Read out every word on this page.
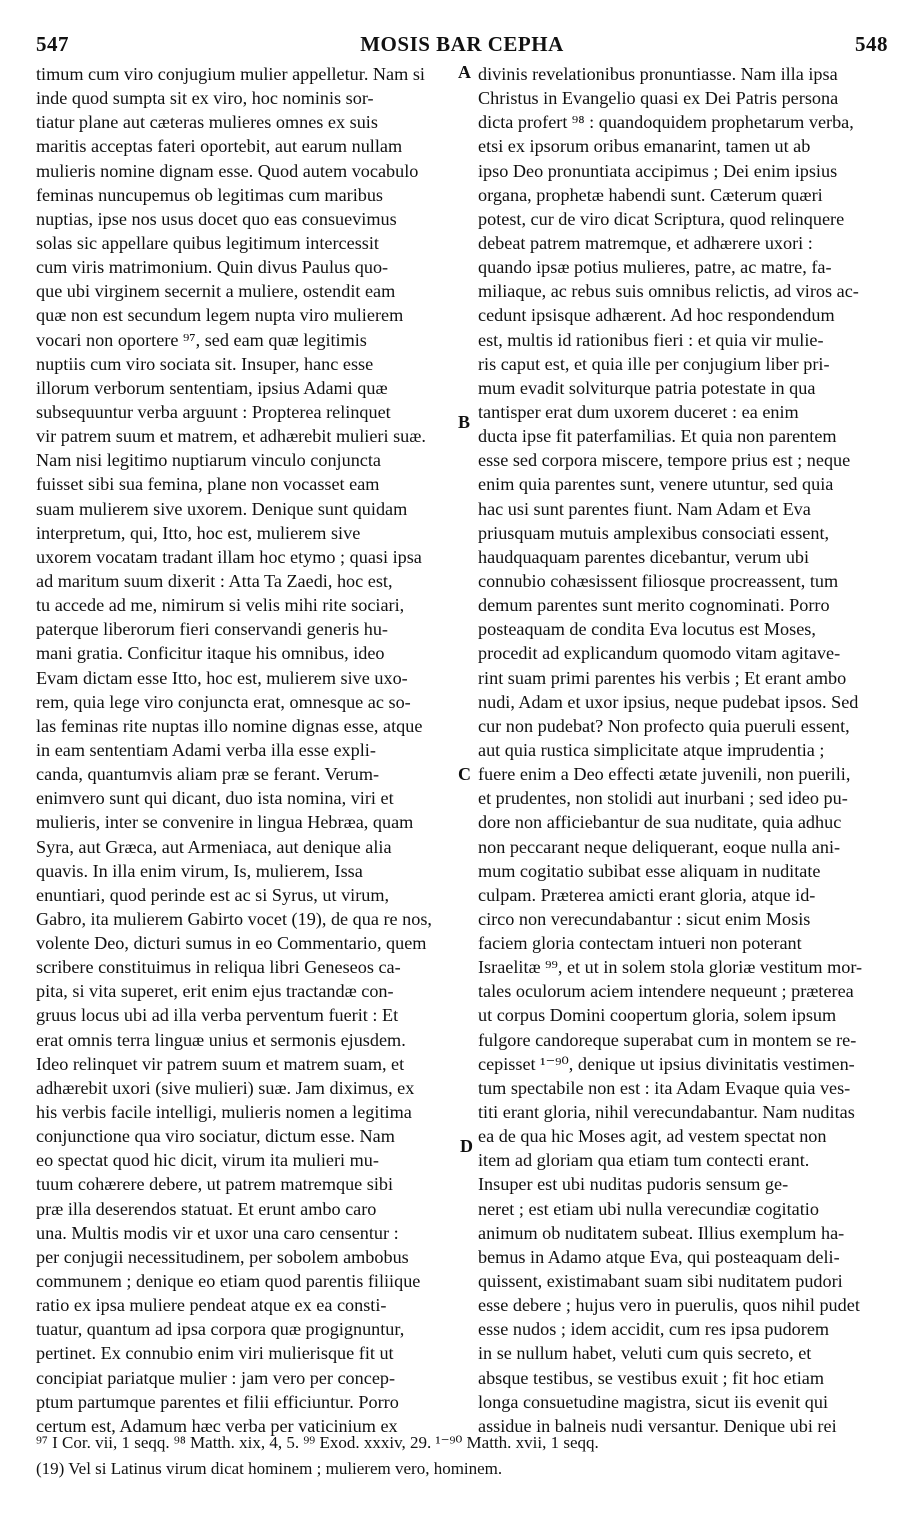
547	MOSIS BAR CEPHA	548
timum cum viro conjugium mulier appelletur. Nam si
inde quod sumpta sit ex viro, hoc nominis sor-
tiatur plane aut cæteras mulieres omnes ex suis
maritis acceptas fateri oportebit, aut earum nullam
mulieris nomine dignam esse. Quod autem vocabulo
feminas nuncupemus ob legitimas cum maribus
nuptias, ipse nos usus docet quo eas consuevimus
solas sic appellare quibus legitimum intercessit
cum viris matrimonium. Quin divus Paulus quo-
que ubi virginem secernit a muliere, ostendit eam
quæ non est secundum legem nupta viro mulierem
vocari non oportere ⁹⁷, sed eam quæ legitimis
nuptiis cum viro sociata sit. Insuper, hanc esse
illorum verborum sententiam, ipsius Adami quæ
subsequuntur verba arguunt : Propterea relinquet
vir patrem suum et matrem, et adhærebit mulieri suæ.
Nam nisi legitimo nuptiarum vinculo conjuncta
fuisset sibi sua femina, plane non vocasset eam
suam mulierem sive uxorem. Denique sunt quidam
interpretum, qui, Itto, hoc est, mulierem sive
uxorem vocatam tradant illam hoc etymo ; quasi ipsa
ad maritum suum dixerit : Atta Ta Zaedi, hoc est,
tu accede ad me, nimirum si velis mihi rite sociari,
paterque liberorum fieri conservandi generis hu-
mani gratia. Conficitur itaque his omnibus, ideo
Evam dictam esse Itto, hoc est, mulierem sive uxo-
rem, quia lege viro conjuncta erat, omnesque ac so-
las feminas rite nuptas illo nomine dignas esse, atque
in eam sententiam Adami verba illa esse expli-
canda, quantumvis aliam præ se ferant. Verum-
enimvero sunt qui dicant, duo ista nomina, viri et
mulieris, inter se convenire in lingua Hebræa, quam
Syra, aut Græca, aut Armeniaca, aut denique alia
quavis. In illa enim virum, Is, mulierem, Issa
enuntiari, quod perinde est ac si Syrus, ut virum,
Gabro, ita mulierem Gabirto vocet (19), de qua re nos,
volente Deo, dicturi sumus in eo Commentario, quem
scribere constituimus in reliqua libri Geneseos ca-
pita, si vita superet, erit enim ejus tractandæ con-
gruus locus ubi ad illa verba perventum fuerit : Et
erat omnis terra linguæ unius et sermonis ejusdem.
Ideo relinquet vir patrem suum et matrem suam, et
adhærebit uxori (sive mulieri) suæ. Jam diximus, ex
his verbis facile intelligi, mulieris nomen a legitima
conjunctione qua viro sociatur, dictum esse. Nam
eo spectat quod hic dicit, virum ita mulieri mu-
tuum cohærere debere, ut patrem matremque sibi
præ illa deserendos statuat. Et erunt ambo caro
una. Multis modis vir et uxor una caro censentur :
per conjugii necessitudinem, per sobolem ambobus
communem ; denique eo etiam quod parentis filiique
ratio ex ipsa muliere pendeat atque ex ea consti-
tuatur, quantum ad ipsa corpora quæ progignuntur,
pertinet. Ex connubio enim viri mulierisque fit ut
concipiat pariatque mulier : jam vero per concep-
ptum partumque parentes et filii efficiuntur. Porro
certum est, Adamum hæc verba per vaticinium ex
divinis revelationibus pronuntiasse. Nam illa ipsa
Christus in Evangelio quasi ex Dei Patris persona
dicta profert ⁹⁸ : quandoquidem prophetarum verba,
etsi ex ipsorum oribus emanarint, tamen ut ab
ipso Deo pronuntiata accipimus ; Dei enim ipsius
organa, prophetæ habendi sunt. Cæterum quæri
potest, cur de viro dicat Scriptura, quod relinquere
debeat patrem matremque, et adhærere uxori :
quando ipsæ potius mulieres, patre, ac matre, fa-
miliaque, ac rebus suis omnibus relictis, ad viros ac-
cedunt ipsisque adhærent. Ad hoc respondendum
est, multis id rationibus fieri : et quia vir mulie-
ris caput est, et quia ille per conjugium liber pri-
mum evadit solviturque patria potestate in qua
tantisper erat dum uxorem duceret : ea enim
ducta ipse fit paterfamilias. Et quia non parentem
esse sed corpora miscere, tempore prius est ; neque
enim quia parentes sunt, venere utuntur, sed quia
hac usi sunt parentes fiunt. Nam Adam et Eva
priusquam mutuis amplexibus consociati essent,
haudquaquam parentes dicebantur, verum ubi
connubio cohæsissent filiosque procreassent, tum
demum parentes sunt merito cognominati. Porro
posteaquam de condita Eva locutus est Moses,
procedit ad explicandum quomodo vitam agitave-
rint suam primi parentes his verbis ; Et erant ambo
nudi, Adam et uxor ipsius, neque pudebat ipsos. Sed
cur non pudebat? Non profecto quia pueruli essent,
aut quia rustica simplicitate atque imprudentia ;
fuere enim a Deo effecti ætate juvenili, non puerili,
et prudentes, non stolidi aut inurbani ; sed ideo pu-
dore non afficiebantur de sua nuditate, quia adhuc
non peccarant neque deliquerant, eoque nulla ani-
mum cogitatio subibat esse aliquam in nuditate
culpam. Præterea amicti erant gloria, atque id-
circo non verecundabantur : sicut enim Mosis
faciem gloria contectam intueri non poterant
Israelitæ ⁹⁹, et ut in solem stola gloriæ vestitum mor-
tales oculorum aciem intendere nequeunt ; præterea
ut corpus Domini coopertum gloria, solem ipsum
fulgore candoreque superabat cum in montem se re-
cepisset ¹⁻⁹⁰, denique ut ipsius divinitatis vestimen-
tum spectabile non est : ita Adam Evaque quia ves-
titi erant gloria, nihil verecundabantur. Nam nuditas
ea de qua hic Moses agit, ad vestem spectat non
item ad gloriam qua etiam tum contecti erant.
Insuper est ubi nuditas pudoris sensum ge-
neret ; est etiam ubi nulla verecundiæ cogitatio
animum ob nuditatem subeat. Illius exemplum ha-
bemus in Adamo atque Eva, qui posteaquam deli-
quissent, existimabant suam sibi nuditatem pudori
esse debere ; hujus vero in puerulis, quos nihil pudet
esse nudos ; idem accidit, cum res ipsa pudorem
in se nullum habet, veluti cum quis secreto, et
absque testibus, se vestibus exuit ; fit hoc etiam
longa consuetudine magistra, sicut iis evenit qui
assidue in balneis nudi versantur. Denique ubi rei
A
B
C
D
⁹⁷ I Cor. vii, 1 seqq. ⁹⁸ Matth. xix, 4, 5. ⁹⁹ Exod. xxxiv, 29. ¹⁻⁹⁰ Matth. xvii, 1 seqq.
(19) Vel si Latinus virum dicat hominem ; mulierem vero, hominem.
